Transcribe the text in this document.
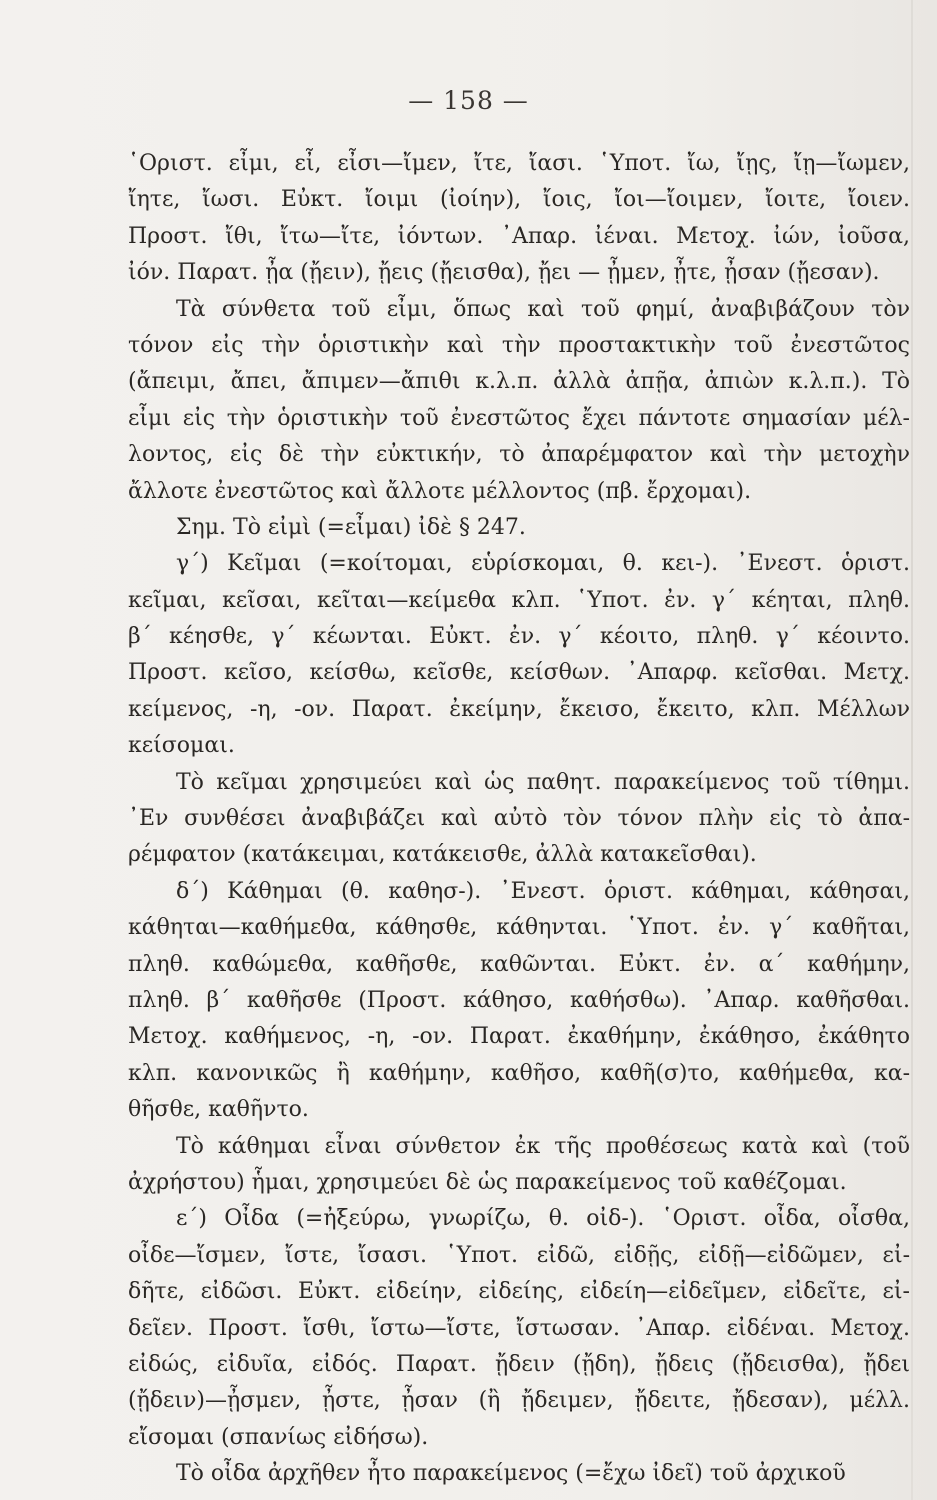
— 158 —
῾Οριστ. εἶμι, εἶ, εἶσι—ἴμεν, ἴτε, ἴασι. ῾Υποτ. ἴω, ἴῃς, ἴῃ—ἴωμεν,
ἴητε, ἴωσι. Εὐκτ. ἴοιμι (ἰοίην), ἴοις, ἴοι—ἴοιμεν, ἴοιτε, ἴοιεν.
Προστ. ἴθι, ἴτω—ἴτε, ἰόντων. ᾿Απαρ. ἰέναι. Μετοχ. ἰών, ἰοῦσα,
ἰόν. Παρατ. ᾖα (ᾔειν), ᾔεις (ᾔεισθα), ᾔει — ᾖμεν, ᾖτε, ᾖσαν (ᾔεσαν).
Τὰ σύνθετα τοῦ εἶμι, ὅπως καὶ τοῦ φημί, ἀναβιβάζουν τὸν
τόνον εἰς τὴν ὁριστικὴν καὶ τὴν προστακτικὴν τοῦ ἐνεστῶτος
(ἄπειμι, ἄπει, ἄπιμεν—ἄπιθι κ.λ.π. ἀλλὰ ἀπῇα, ἀπιὼν κ.λ.π.). Τὸ
εἶμι εἰς τὴν ὁριστικὴν τοῦ ἐνεστῶτος ἔχει πάντοτε σημασίαν μέλ-
λοντος, εἰς δὲ τὴν εὐκτικήν, τὸ ἀπαρέμφατον καὶ τὴν μετοχὴν
ἄλλοτε ἐνεστῶτος καὶ ἄλλοτε μέλλοντος (πβ. ἔρχομαι).
Σημ. Τὸ εἰμὶ (=εἶμαι) ἰδὲ § 247.
γ΄) Κεῖμαι (=κοίτομαι, εὑρίσκομαι, θ. κει-). ᾿Ενεστ. ὁριστ.
κεῖμαι, κεῖσαι, κεῖται—κείμεθα κλπ. ῾Υποτ. ἐν. γ΄ κέηται, πληθ.
β΄ κέησθε, γ΄ κέωνται. Εὐκτ. ἐν. γ΄ κέοιτο, πληθ. γ΄ κέοιντο.
Προστ. κεῖσο, κείσθω, κεῖσθε, κείσθων. ᾿Απαρφ. κεῖσθαι. Μετχ.
κείμενος, -η, -ον. Παρατ. ἐκείμην, ἔκεισο, ἔκειτο, κλπ. Μέλλων
κείσομαι.
Τὸ κεῖμαι χρησιμεύει καὶ ὡς παθητ. παρακείμενος τοῦ τίθημι.
᾿Εν συνθέσει ἀναβιβάζει καὶ αὐτὸ τὸν τόνον πλὴν εἰς τὸ ἀπα-
ρέμφατον (κατάκειμαι, κατάκεισθε, ἀλλὰ κατακεῖσθαι).
δ΄) Κάθημαι (θ. καθησ-). ᾿Ενεστ. ὁριστ. κάθημαι, κάθησαι,
κάθηται—καθήμεθα, κάθησθε, κάθηνται. ῾Υποτ. ἐν. γ΄ καθῆται,
πληθ. καθώμεθα, καθῆσθε, καθῶνται. Εὐκτ. ἐν. α΄ καθήμην,
πληθ. β΄ καθῆσθε (Προστ. κάθησο, καθήσθω). ᾿Απαρ. καθῆσθαι.
Μετοχ. καθήμενος, -η, -ον. Παρατ. ἐκαθήμην, ἐκάθησο, ἐκάθητο
κλπ. κανονικῶς ἢ καθήμην, καθῆσο, καθῆ(σ)το, καθήμεθα, κα-
θῆσθε, καθῆντο.
Τὸ κάθημαι εἶναι σύνθετον ἐκ τῆς προθέσεως κατὰ καὶ (τοῦ
ἀχρήστου) ἧμαι, χρησιμεύει δὲ ὡς παρακείμενος τοῦ καθέζομαι.
ε΄) Οἶδα (=ἠξεύρω, γνωρίζω, θ. οἰδ-). ῾Οριστ. οἶδα, οἶσθα,
οἶδε—ἴσμεν, ἴστε, ἴσασι. ῾Υποτ. εἰδῶ, εἰδῇς, εἰδῇ—εἰδῶμεν, εἰ-
δῆτε, εἰδῶσι. Εὐκτ. εἰδείην, εἰδείης, εἰδείη—εἰδεῖμεν, εἰδεῖτε, εἰ-
δεῖεν. Προστ. ἴσθι, ἴστω—ἴστε, ἴστωσαν. ᾿Απαρ. εἰδέναι. Μετοχ.
εἰδώς, εἰδυῖα, εἰδός. Παρατ. ᾔδειν (ᾔδη), ᾔδεις (ᾔδεισθα), ᾔδει
(ᾔδειν)—ᾖσμεν, ᾖστε, ᾖσαν (ἢ ᾔδειμεν, ᾔδειτε, ᾔδεσαν), μέλλ.
εἴσομαι (σπανίως εἰδήσω).
Τὸ οἶδα ἀρχῆθεν ἦτο παρακείμενος (=ἔχω ἰδεῖ) τοῦ ἀρχικοῦ
